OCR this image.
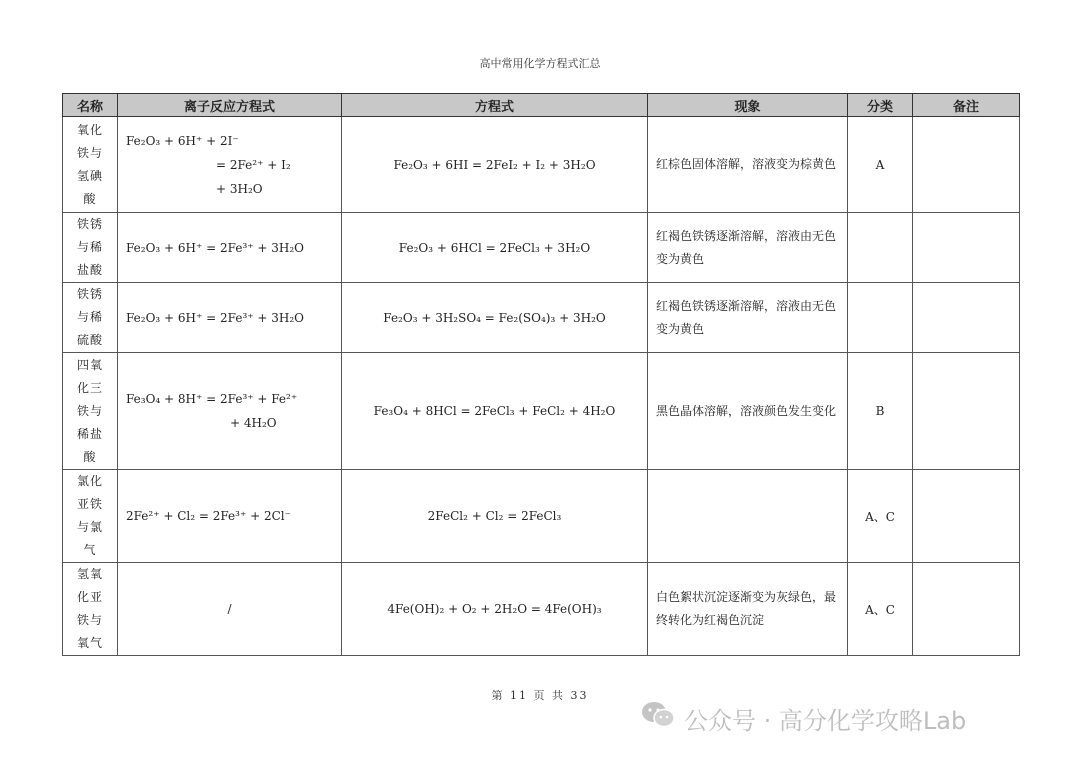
高中常用化学方程式汇总
名称	离子反应方程式	方程式	现象	分类	备注
氧化铁与氢碘酸	Fe₂O₃ + 6H⁺ + 2I⁻
= 2Fe²⁺ + I₂
+ 3H₂O	Fe₂O₃ + 6HI = 2FeI₂ + I₂ + 3H₂O	红棕色固体溶解，溶液变为棕黄色	A	
铁锈与稀盐酸	Fe₂O₃ + 6H⁺ = 2Fe³⁺ + 3H₂O	Fe₂O₃ + 6HCl = 2FeCl₃ + 3H₂O	红褐色铁锈逐渐溶解，溶液由无色变为黄色		
铁锈与稀硫酸	Fe₂O₃ + 6H⁺ = 2Fe³⁺ + 3H₂O	Fe₂O₃ + 3H₂SO₄ = Fe₂(SO₄)₃ + 3H₂O	红褐色铁锈逐渐溶解，溶液由无色变为黄色		
四氧化三铁与稀盐酸	Fe₃O₄ + 8H⁺ = 2Fe³⁺ + Fe²⁺
+ 4H₂O	Fe₃O₄ + 8HCl = 2FeCl₃ + FeCl₂ + 4H₂O	黑色晶体溶解，溶液颜色发生变化	B	
氯化亚铁与氯气	2Fe²⁺ + Cl₂ = 2Fe³⁺ + 2Cl⁻	2FeCl₂ + Cl₂ = 2FeCl₃		A、C	
氢氧化亚铁与氧气	/	4Fe(OH)₂ + O₂ + 2H₂O = 4Fe(OH)₃	白色絮状沉淀逐渐变为灰绿色，最终转化为红褐色沉淀	A、C	
第 11 页 共 33
公众号 · 高分化学攻略Lab
